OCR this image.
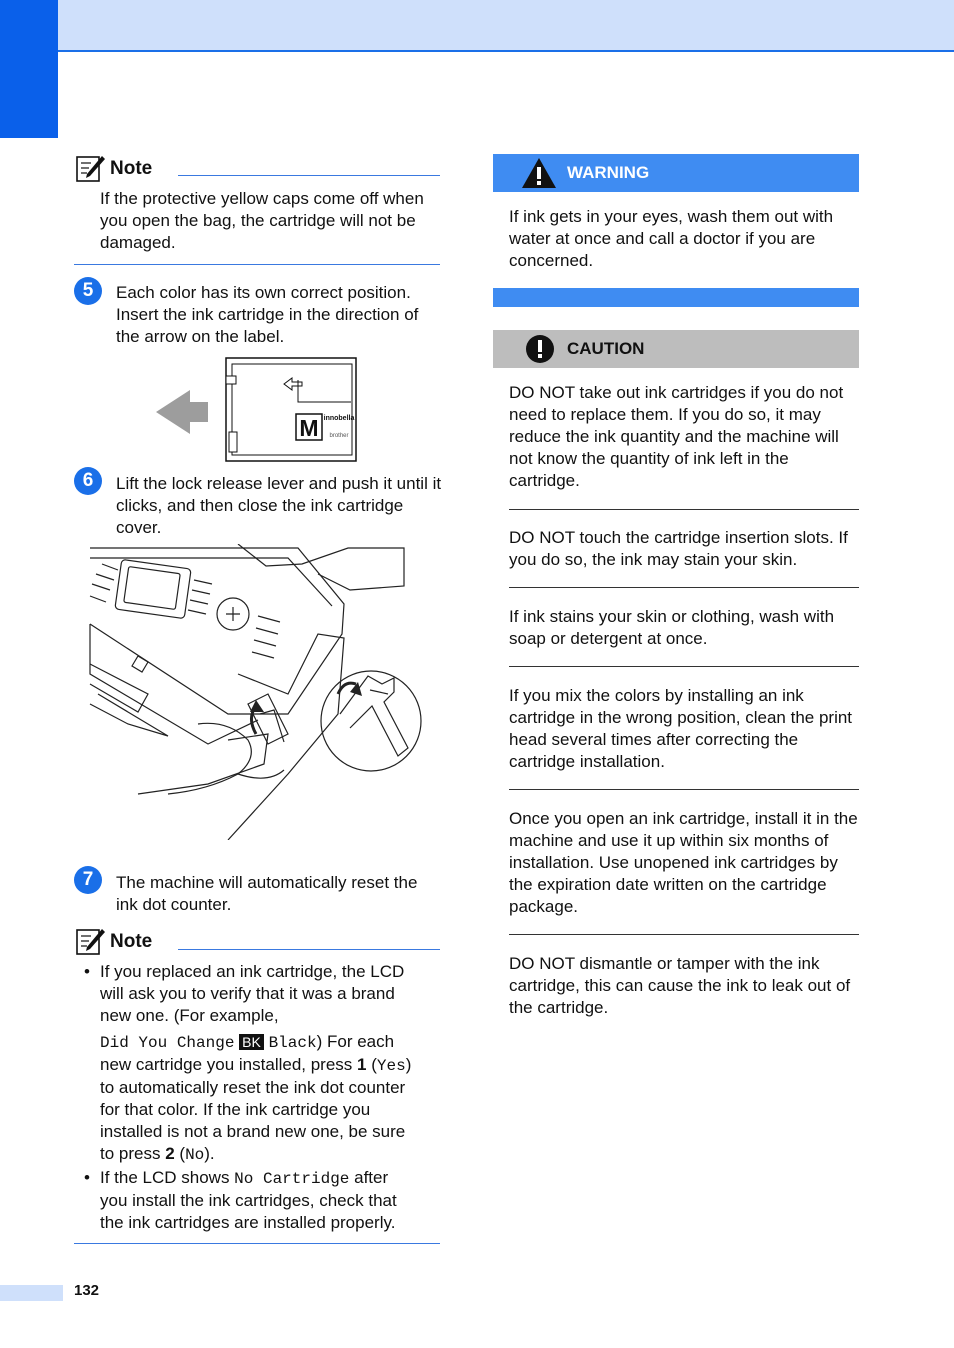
Note
If the protective yellow caps come off when you open the bag, the cartridge will not be damaged.
5	Each color has its own correct position. Insert the ink cartridge in the direction of the arrow on the label.
M innobella
brother
6	Lift the lock release lever and push it until it clicks, and then close the ink cartridge cover.
7	The machine will automatically reset the ink dot counter.
Note
• If you replaced an ink cartridge, the LCD
will ask you to verify that it was a brand
new one. (For example,
Did You Change BK Black) For each
new cartridge you installed, press 1 (Yes)
to automatically reset the ink dot counter
for that color. If the ink cartridge you
installed is not a brand new one, be sure
to press 2 (No).
• If the LCD shows No Cartridge after
you install the ink cartridges, check that
the ink cartridges are installed properly.
WARNING
If ink gets in your eyes, wash them out with water at once and call a doctor if you are concerned.
CAUTION
DO NOT take out ink cartridges if you do not need to replace them. If you do so, it may reduce the ink quantity and the machine will not know the quantity of ink left in the cartridge.
DO NOT touch the cartridge insertion slots. If you do so, the ink may stain your skin.
If ink stains your skin or clothing, wash with soap or detergent at once.
If you mix the colors by installing an ink cartridge in the wrong position, clean the print head several times after correcting the cartridge installation.
Once you open an ink cartridge, install it in the machine and use it up within six months of installation. Use unopened ink cartridges by the expiration date written on the cartridge package.
DO NOT dismantle or tamper with the ink cartridge, this can cause the ink to leak out of the cartridge.
132
